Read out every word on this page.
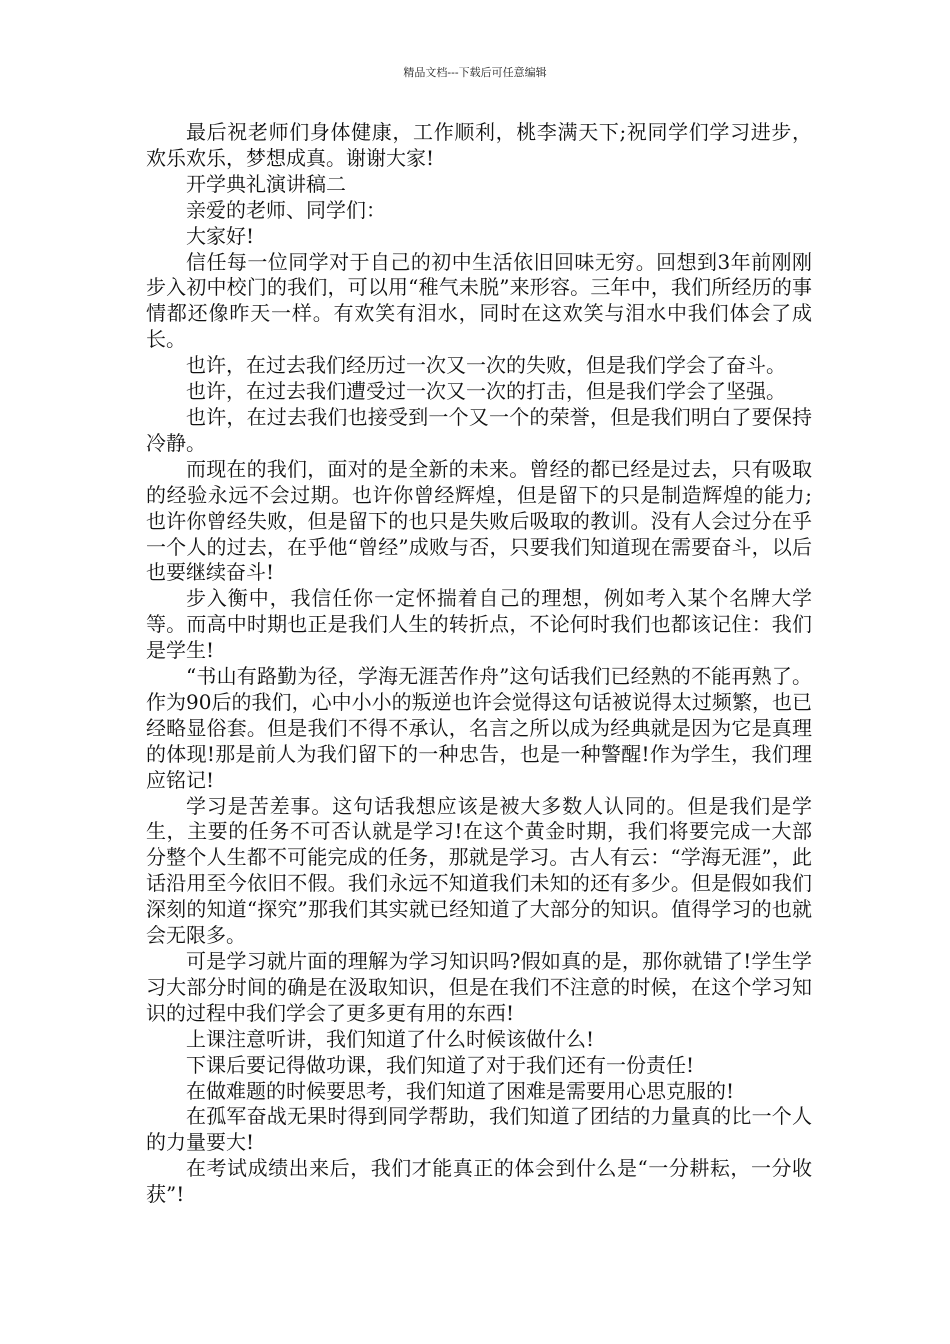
精品文档---下载后可任意编辑

最后祝老师们身体健康，工作顺利，桃李满天下;祝同学们学习进步，欢乐欢乐，梦想成真。谢谢大家!

开学典礼演讲稿二

亲爱的老师、同学们：

大家好!

信任每一位同学对于自己的初中生活依旧回味无穷。回想到3年前刚刚步入初中校门的我们，可以用“稚气未脱”来形容。三年中，我们所经历的事情都还像昨天一样。有欢笑有泪水，同时在这欢笑与泪水中我们体会了成长。

也许，在过去我们经历过一次又一次的失败，但是我们学会了奋斗。

也许，在过去我们遭受过一次又一次的打击，但是我们学会了坚强。

也许，在过去我们也接受到一个又一个的荣誉，但是我们明白了要保持冷静。

而现在的我们，面对的是全新的未来。曾经的都已经是过去，只有吸取的经验永远不会过期。也许你曾经辉煌，但是留下的只是制造辉煌的能力;也许你曾经失败，但是留下的也只是失败后吸取的教训。没有人会过分在乎一个人的过去，在乎他“曾经”成败与否，只要我们知道现在需要奋斗，以后也要继续奋斗!

步入衡中，我信任你一定怀揣着自己的理想，例如考入某个名牌大学等。而高中时期也正是我们人生的转折点，不论何时我们也都该记住：我们是学生!

“书山有路勤为径，学海无涯苦作舟”这句话我们已经熟的不能再熟了。作为90后的我们，心中小小的叛逆也许会觉得这句话被说得太过频繁，也已经略显俗套。但是我们不得不承认，名言之所以成为经典就是因为它是真理的体现!那是前人为我们留下的一种忠告，也是一种警醒!作为学生，我们理应铭记!

学习是苦差事。这句话我想应该是被大多数人认同的。但是我们是学生，主要的任务不可否认就是学习!在这个黄金时期，我们将要完成一大部分整个人生都不可能完成的任务，那就是学习。古人有云：“学海无涯”，此话沿用至今依旧不假。我们永远不知道我们未知的还有多少。但是假如我们深刻的知道“探究”那我们其实就已经知道了大部分的知识。值得学习的也就会无限多。

可是学习就片面的理解为学习知识吗?假如真的是，那你就错了!学生学习大部分时间的确是在汲取知识，但是在我们不注意的时候，在这个学习知识的过程中我们学会了更多更有用的东西!

上课注意听讲，我们知道了什么时候该做什么!

下课后要记得做功课，我们知道了对于我们还有一份责任!

在做难题的时候要思考，我们知道了困难是需要用心思克服的!

在孤军奋战无果时得到同学帮助，我们知道了团结的力量真的比一个人的力量要大!

在考试成绩出来后，我们才能真正的体会到什么是“一分耕耘，一分收获”!
